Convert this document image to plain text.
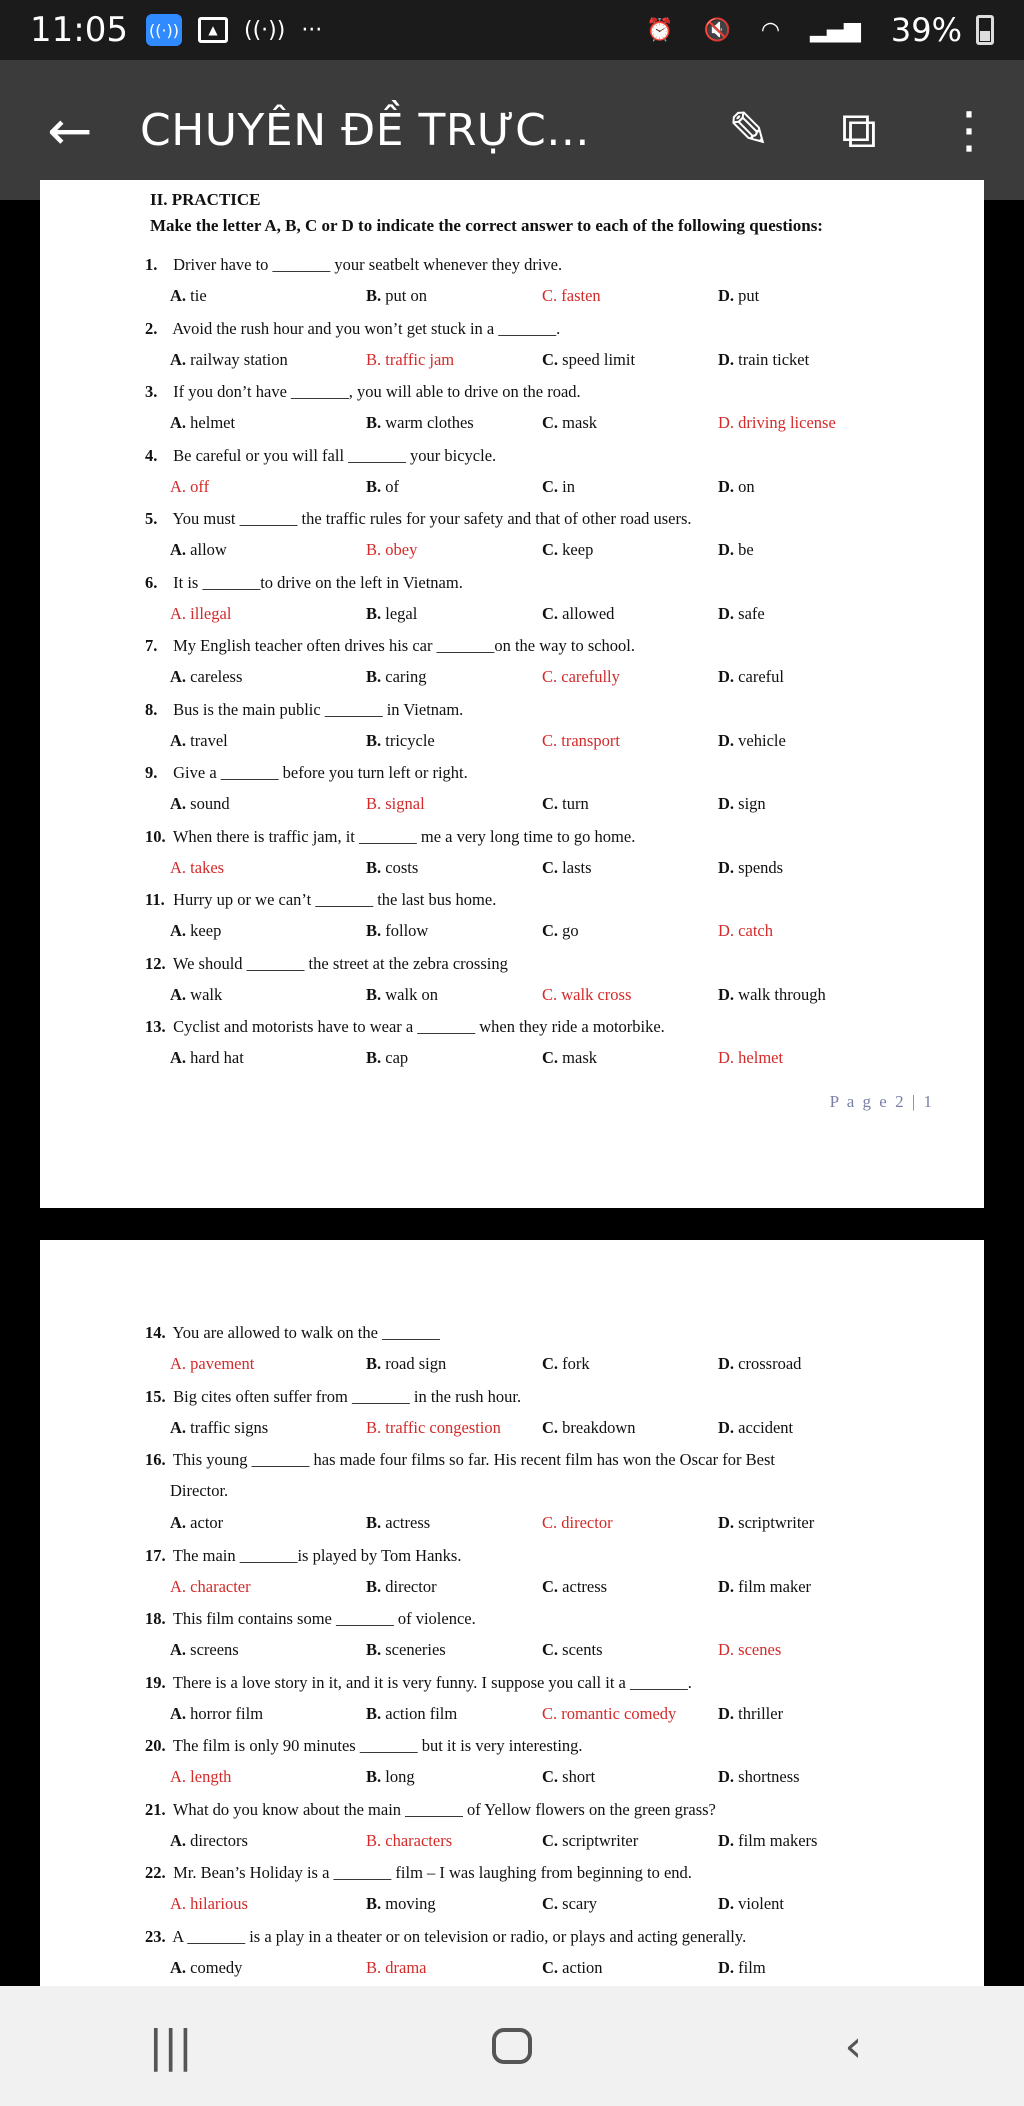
11:05 ((·))	▲	((·)) ···	⏰ 🔇 ◠ ▂▄▆ 39%
← CHUYÊN ĐỀ TRỰC...	✎ ⧉ ⋮
II. PRACTICE
Make the letter A, B, C or D to indicate the correct answer to each of the following questions:
P a g e 2 | 1
1. Driver have to _______ your seatbelt whenever they drive.
A. tie	B. put on	C. fasten	D. put
2. Avoid the rush hour and you won’t get stuck in a _______.
A. railway station	B. traffic jam	C. speed limit	D. train ticket
3. If you don’t have _______, you will able to drive on the road.
A. helmet	B. warm clothes	C. mask	D. driving license
4. Be careful or you will fall _______ your bicycle.
A. off	B. of	C. in	D. on
5. You must _______ the traffic rules for your safety and that of other road users.
A. allow	B. obey	C. keep	D. be
6. It is _______to drive on the left in Vietnam.
A. illegal	B. legal	C. allowed	D. safe
7. My English teacher often drives his car _______on the way to school.
A. careless	B. caring	C. carefully	D. careful
8. Bus is the main public _______ in Vietnam.
A. travel	B. tricycle	C. transport	D. vehicle
9. Give a _______ before you turn left or right.
A. sound	B. signal	C. turn	D. sign
10. When there is traffic jam, it _______ me a very long time to go home.
A. takes	B. costs	C. lasts	D. spends
11. Hurry up or we can’t _______ the last bus home.
A. keep	B. follow	C. go	D. catch
12. We should _______ the street at the zebra crossing
A. walk	B. walk on	C. walk cross	D. walk through
13. Cyclist and motorists have to wear a _______ when they ride a motorbike.
A. hard hat	B. cap	C. mask	D. helmet
14. You are allowed to walk on the _______
A. pavement	B. road sign	C. fork	D. crossroad
15. Big cites often suffer from _______ in the rush hour.
A. traffic signs	B. traffic congestion C. breakdown	D. accident
16. This young _______ has made four films so far. His recent film has won the Oscar for Best
Director.
A. actor	B. actress	C. director	D. scriptwriter
17. The main _______is played by Tom Hanks.
A. character	B. director	C. actress	D. film maker
18. This film contains some _______ of violence.
A. screens	B. sceneries	C. scents	D. scenes
19. There is a love story in it, and it is very funny. I suppose you call it a _______.
A. horror film	B. action film	C. romantic comedy	D. thriller
20. The film is only 90 minutes _______ but it is very interesting.
A. length	B. long	C. short	D. shortness
21. What do you know about the main _______ of Yellow flowers on the green grass?
A. directors	B. characters	C. scriptwriter	D. film makers
22. Mr. Bean’s Holiday is a _______ film – I was laughing from beginning to end.
A. hilarious	B. moving	C. scary	D. violent
23. A _______ is a play in a theater or on television or radio, or plays and acting generally.
A. comedy	B. drama	C. action	D. film
|||	‹
